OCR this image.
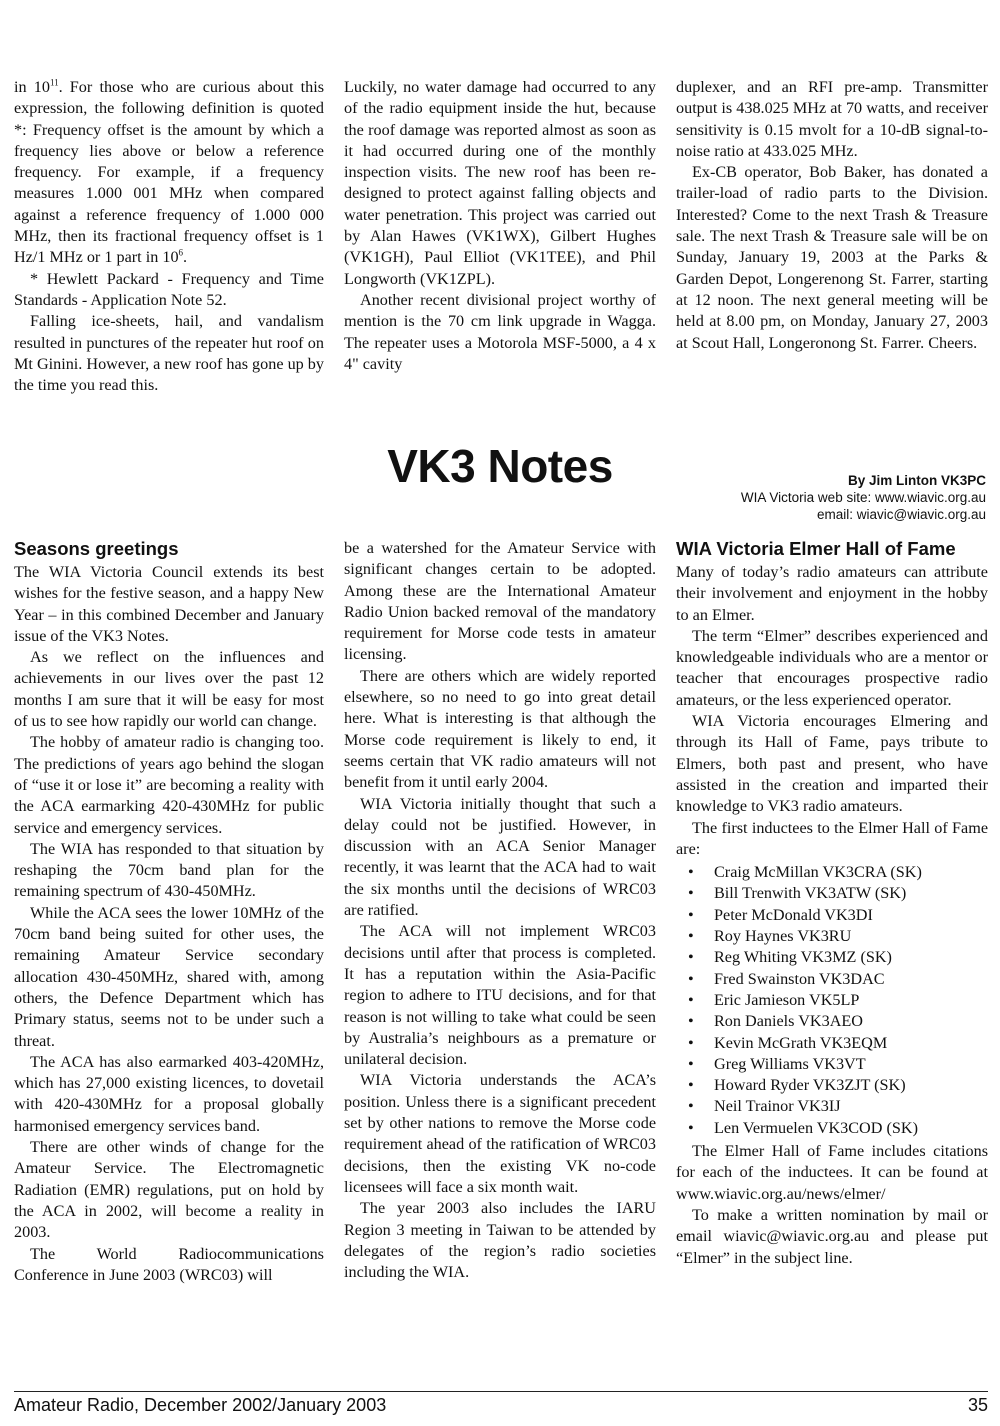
in $10^{11}$. For those who are curious about this expression, the following definition is quoted *: Frequency offset is the amount by which a frequency lies above or below a reference frequency. For example, if a frequency measures 1.000 001 MHz when compared against a reference frequency of 1.000 000 MHz, then its fractional frequency offset is 1 Hz/1 MHz or 1 part in $10^6$.

* Hewlett Packard - Frequency and Time Standards - Application Note 52.

Falling ice-sheets, hail, and vandalism resulted in punctures of the repeater hut roof on Mt Ginini. However, a new roof has gone up by the time you read this.

Luckily, no water damage had occurred to any of the radio equipment inside the hut, because the roof damage was reported almost as soon as it had occurred during one of the monthly inspection visits. The new roof has been re-designed to protect against falling objects and water penetration. This project was carried out by Alan Hawes (VK1WX), Gilbert Hughes (VK1GH), Paul Elliot (VK1TEE), and Phil Longworth (VK1ZPL).

Another recent divisional project worthy of mention is the 70 cm link upgrade in Wagga. The repeater uses a Motorola MSF-5000, a 4 x 4" cavity

duplexer, and an RFI pre-amp. Transmitter output is 438.025 MHz at 70 watts, and receiver sensitivity is 0.15 mvolt for a 10-dB signal-to-noise ratio at 433.025 MHz.

Ex-CB operator, Bob Baker, has donated a trailer-load of radio parts to the Division. Interested? Come to the next Trash & Treasure sale. The next Trash & Treasure sale will be on Sunday, January 19, 2003 at the Parks & Garden Depot, Longerenong St. Farrer, starting at 12 noon. The next general meeting will be held at 8.00 pm, on Monday, January 27, 2003 at Scout Hall, Longeronong St. Farrer. Cheers.

VK3 Notes	By Jim Linton VK3PC
WIA Victoria web site: www.wiavic.org.au
email: wiavic@wiavic.org.au
Seasons greetings

The WIA Victoria Council extends its best wishes for the festive season, and a happy New Year – in this combined December and January issue of the VK3 Notes.

As we reflect on the influences and achievements in our lives over the past 12 months I am sure that it will be easy for most of us to see how rapidly our world can change.

The hobby of amateur radio is changing too. The predictions of years ago behind the slogan of “use it or lose it” are becoming a reality with the ACA earmarking 420-430MHz for public service and emergency services.

The WIA has responded to that situation by reshaping the 70cm band plan for the remaining spectrum of 430-450MHz.

While the ACA sees the lower 10MHz of the 70cm band being suited for other uses, the remaining Amateur Service secondary allocation 430-450MHz, shared with, among others, the Defence Department which has Primary status, seems not to be under such a threat.

The ACA has also earmarked 403-420MHz, which has 27,000 existing licences, to dovetail with 420-430MHz for a proposal globally harmonised emergency services band.

There are other winds of change for the Amateur Service. The Electromagnetic Radiation (EMR) regulations, put on hold by the ACA in 2002, will become a reality in 2003.

The World Radiocommunications Conference in June 2003 (WRC03) will

be a watershed for the Amateur Service with significant changes certain to be adopted. Among these are the International Amateur Radio Union backed removal of the mandatory requirement for Morse code tests in amateur licensing.

There are others which are widely reported elsewhere, so no need to go into great detail here. What is interesting is that although the Morse code requirement is likely to end, it seems certain that VK radio amateurs will not benefit from it until early 2004.

WIA Victoria initially thought that such a delay could not be justified. However, in discussion with an ACA Senior Manager recently, it was learnt that the ACA had to wait the six months until the decisions of WRC03 are ratified.

The ACA will not implement WRC03 decisions until after that process is completed. It has a reputation within the Asia-Pacific region to adhere to ITU decisions, and for that reason is not willing to take what could be seen by Australia’s neighbours as a premature or unilateral decision.

WIA Victoria understands the ACA’s position. Unless there is a significant precedent set by other nations to remove the Morse code requirement ahead of the ratification of WRC03 decisions, then the existing VK no-code licensees will face a six month wait.

The year 2003 also includes the IARU Region 3 meeting in Taiwan to be attended by delegates of the region’s radio societies including the WIA.

WIA Victoria Elmer Hall of Fame

Many of today’s radio amateurs can attribute their involvement and enjoyment in the hobby to an Elmer.

The term “Elmer” describes experienced and knowledgeable individuals who are a mentor or teacher that encourages prospective radio amateurs, or the less experienced operator.

WIA Victoria encourages Elmering and through its Hall of Fame, pays tribute to Elmers, both past and present, who have assisted in the creation and imparted their knowledge to VK3 radio amateurs.

The first inductees to the Elmer Hall of Fame are:

• Craig McMillan VK3CRA (SK)
• Bill Trenwith VK3ATW (SK)
• Peter McDonald VK3DI
• Roy Haynes VK3RU
• Reg Whiting VK3MZ (SK)
• Fred Swainston VK3DAC
• Eric Jamieson VK5LP
• Ron Daniels VK3AEO
• Kevin McGrath VK3EQM
• Greg Williams VK3VT
• Howard Ryder VK3ZJT (SK)
• Neil Trainor VK3IJ
• Len Vermuelen VK3COD (SK)

The Elmer Hall of Fame includes citations for each of the inductees. It can be found at www.wiavic.org.au/news/elmer/

To make a written nomination by mail or email wiavic@wiavic.org.au and please put “Elmer” in the subject line.

Amateur Radio, December 2002/January 2003	35
